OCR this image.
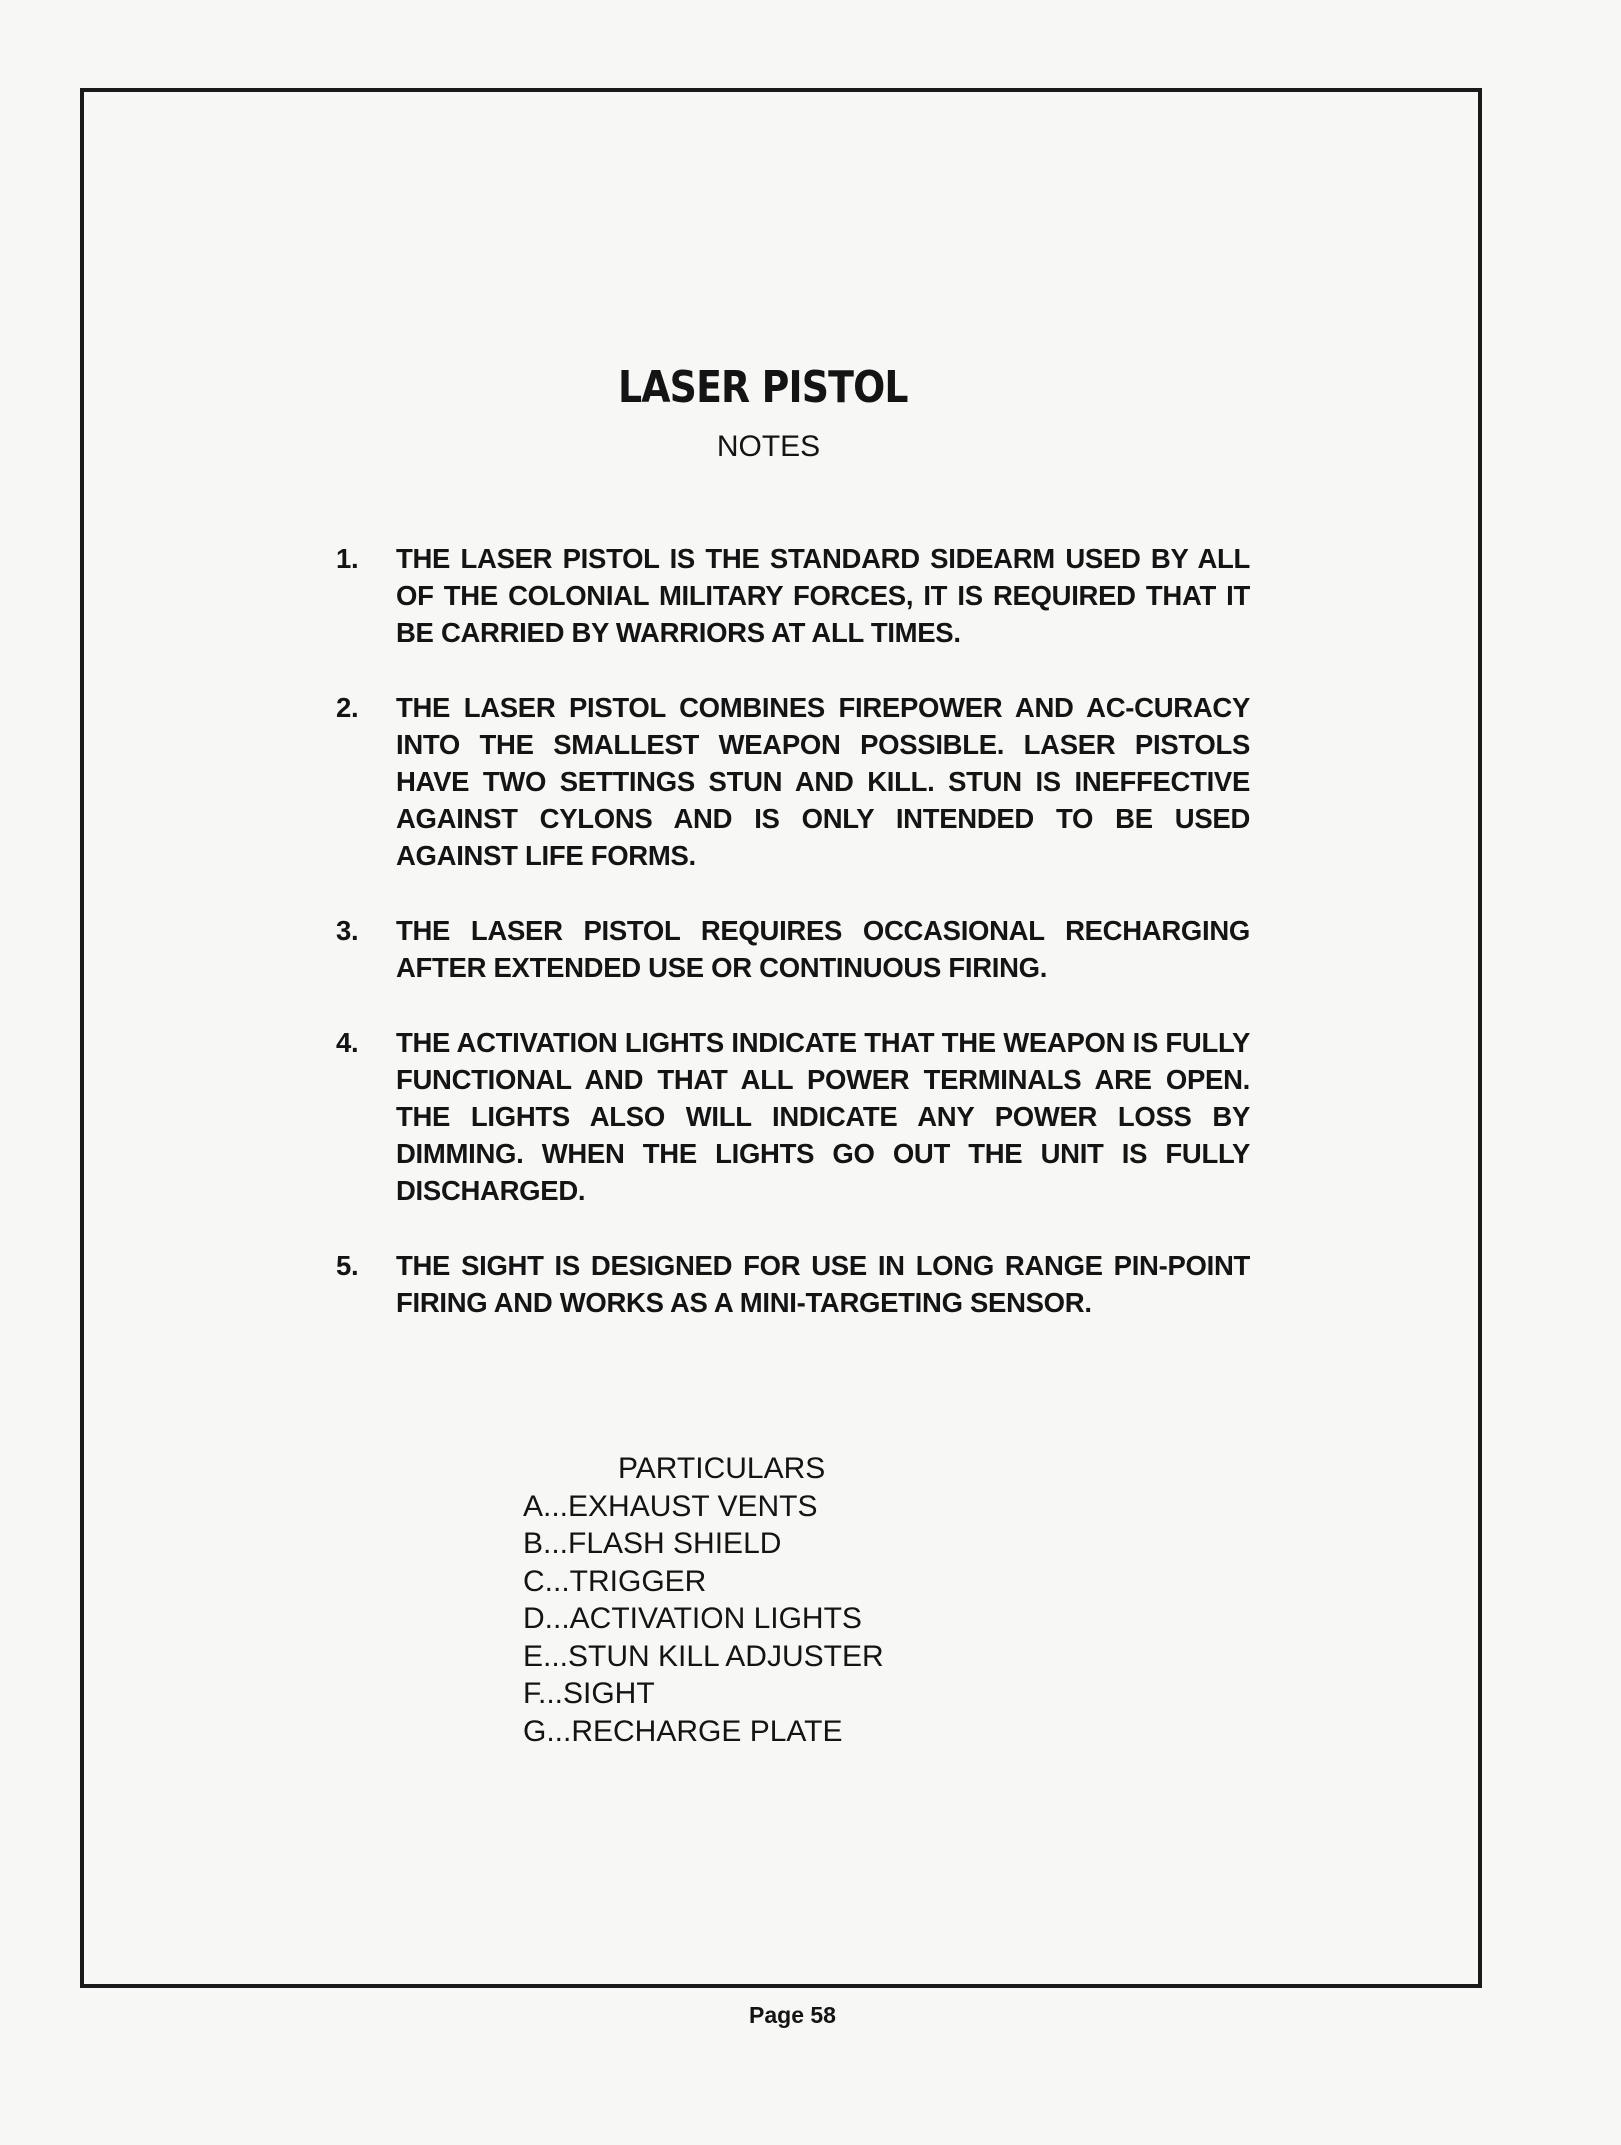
LASER PISTOL
NOTES
1. THE LASER PISTOL IS THE STANDARD SIDEARM USED BY ALL OF THE COLONIAL MILITARY FORCES, IT IS REQUIRED THAT IT BE CARRIED BY WARRIORS AT ALL TIMES.
2. THE LASER PISTOL COMBINES FIREPOWER AND AC-CURACY INTO THE SMALLEST WEAPON POSSIBLE. LASER PISTOLS HAVE TWO SETTINGS STUN AND KILL. STUN IS INEFFECTIVE AGAINST CYLONS AND IS ONLY INTENDED TO BE USED AGAINST LIFE FORMS.
3. THE LASER PISTOL REQUIRES OCCASIONAL RECHARGING AFTER EXTENDED USE OR CONTINUOUS FIRING.
4. THE ACTIVATION LIGHTS INDICATE THAT THE WEAPON IS FULLY FUNCTIONAL AND THAT ALL POWER TERMINALS ARE OPEN. THE LIGHTS ALSO WILL INDICATE ANY POWER LOSS BY DIMMING. WHEN THE LIGHTS GO OUT THE UNIT IS FULLY DISCHARGED.
5. THE SIGHT IS DESIGNED FOR USE IN LONG RANGE PIN-POINT FIRING AND WORKS AS A MINI-TARGETING SENSOR.
PARTICULARS
A...EXHAUST VENTS
B...FLASH SHIELD
C...TRIGGER
D...ACTIVATION LIGHTS
E...STUN KILL ADJUSTER
F...SIGHT
G...RECHARGE PLATE
Page 58
